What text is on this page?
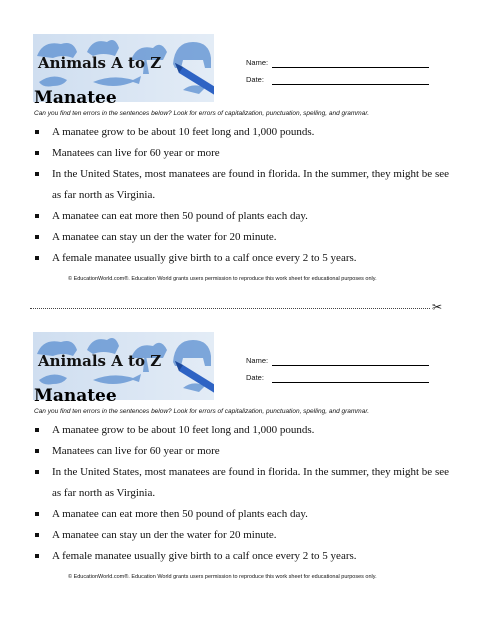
Animals A to Z	Name:
Date:
Manatee
Can you find ten errors in the sentences below? Look for errors of capitalization, punctuation, spelling, and grammar.
A manatee grow to be about 10 feet long and 1,000 pounds.
Manatees can live for 60 year or more
In the United States, most manatees are found in florida. In the summer, they might be see as far north as Virginia.
A manatee can eat more then 50 pound of plants each day.
A manatee can stay un der the water for 20 minute.
A female manatee usually give birth to a calf once every 2 to 5 years.
© EducationWorld.com®. Education World grants users permission to reproduce this work sheet for educational purposes only.
✂
Animals A to Z	Name:
Date:
Manatee
Can you find ten errors in the sentences below? Look for errors of capitalization, punctuation, spelling, and grammar.
A manatee grow to be about 10 feet long and 1,000 pounds.
Manatees can live for 60 year or more
In the United States, most manatees are found in florida. In the summer, they might be see as far north as Virginia.
A manatee can eat more then 50 pound of plants each day.
A manatee can stay un der the water for 20 minute.
A female manatee usually give birth to a calf once every 2 to 5 years.
© EducationWorld.com®. Education World grants users permission to reproduce this work sheet for educational purposes only.
